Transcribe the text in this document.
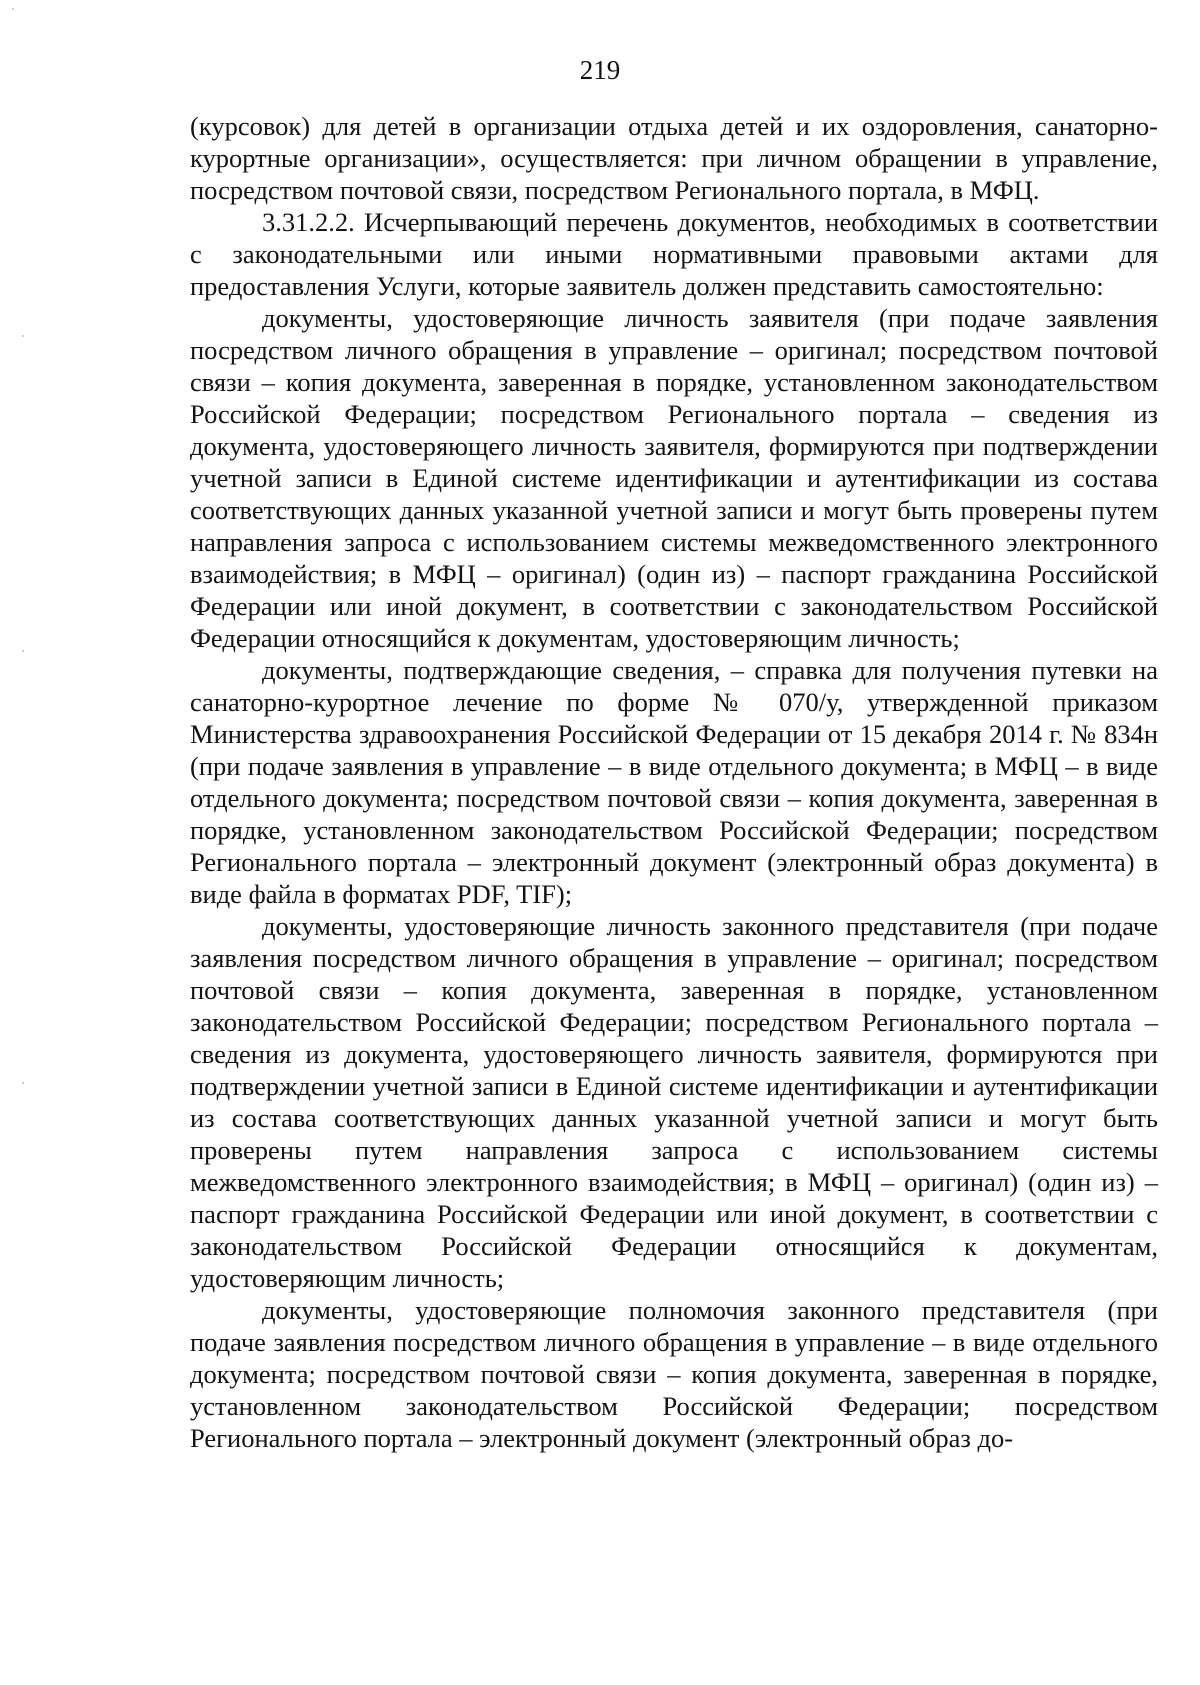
219

(курсовок) для детей в организации отдыха детей и их оздоровления, санаторно-курортные организации», осуществляется: при личном обращении в управление, посредством почтовой связи, посредством Регионального портала, в МФЦ.

3.31.2.2. Исчерпывающий перечень документов, необходимых в соответствии с законодательными или иными нормативными правовыми актами для предоставления Услуги, которые заявитель должен представить самостоятельно:

документы, удостоверяющие личность заявителя (при подаче заявления посредством личного обращения в управление – оригинал; посредством почтовой связи – копия документа, заверенная в порядке, установленном законодательством Российской Федерации; посредством Регионального портала – сведения из документа, удостоверяющего личность заявителя, формируются при подтверждении учетной записи в Единой системе идентификации и аутентификации из состава соответствующих данных указанной учетной записи и могут быть проверены путем направления запроса с использованием системы межведомственного электронного взаимодействия; в МФЦ – оригинал) (один из) – паспорт гражданина Российской Федерации или иной документ, в соответствии с законодательством Российской Федерации относящийся к документам, удостоверяющим личность;

документы, подтверждающие сведения, – справка для получения путевки на санаторно-курортное лечение по форме № 070/у, утвержденной приказом Министерства здравоохранения Российской Федерации от 15 декабря 2014 г. № 834н (при подаче заявления в управление – в виде отдельного документа; в МФЦ – в виде отдельного документа; посредством почтовой связи – копия документа, заверенная в порядке, установленном законодательством Российской Федерации; посредством Регионального портала – электронный документ (электронный образ документа) в виде файла в форматах PDF, TIF);

документы, удостоверяющие личность законного представителя (при подаче заявления посредством личного обращения в управление – оригинал; посредством почтовой связи – копия документа, заверенная в порядке, установленном законодательством Российской Федерации; посредством Регионального портала – сведения из документа, удостоверяющего личность заявителя, формируются при подтверждении учетной записи в Единой системе идентификации и аутентификации из состава соответствующих данных указанной учетной записи и могут быть проверены путем направления запроса с использованием системы межведомственного электронного взаимодействия; в МФЦ – оригинал) (один из) – паспорт гражданина Российской Федерации или иной документ, в соответствии с законодательством Российской Федерации относящийся к документам, удостоверяющим личность;

документы, удостоверяющие полномочия законного представителя (при подаче заявления посредством личного обращения в управление – в виде отдельного документа; посредством почтовой связи – копия документа, заверенная в порядке, установленном законодательством Российской Федерации; посредством Регионального портала – электронный документ (электронный образ до-
